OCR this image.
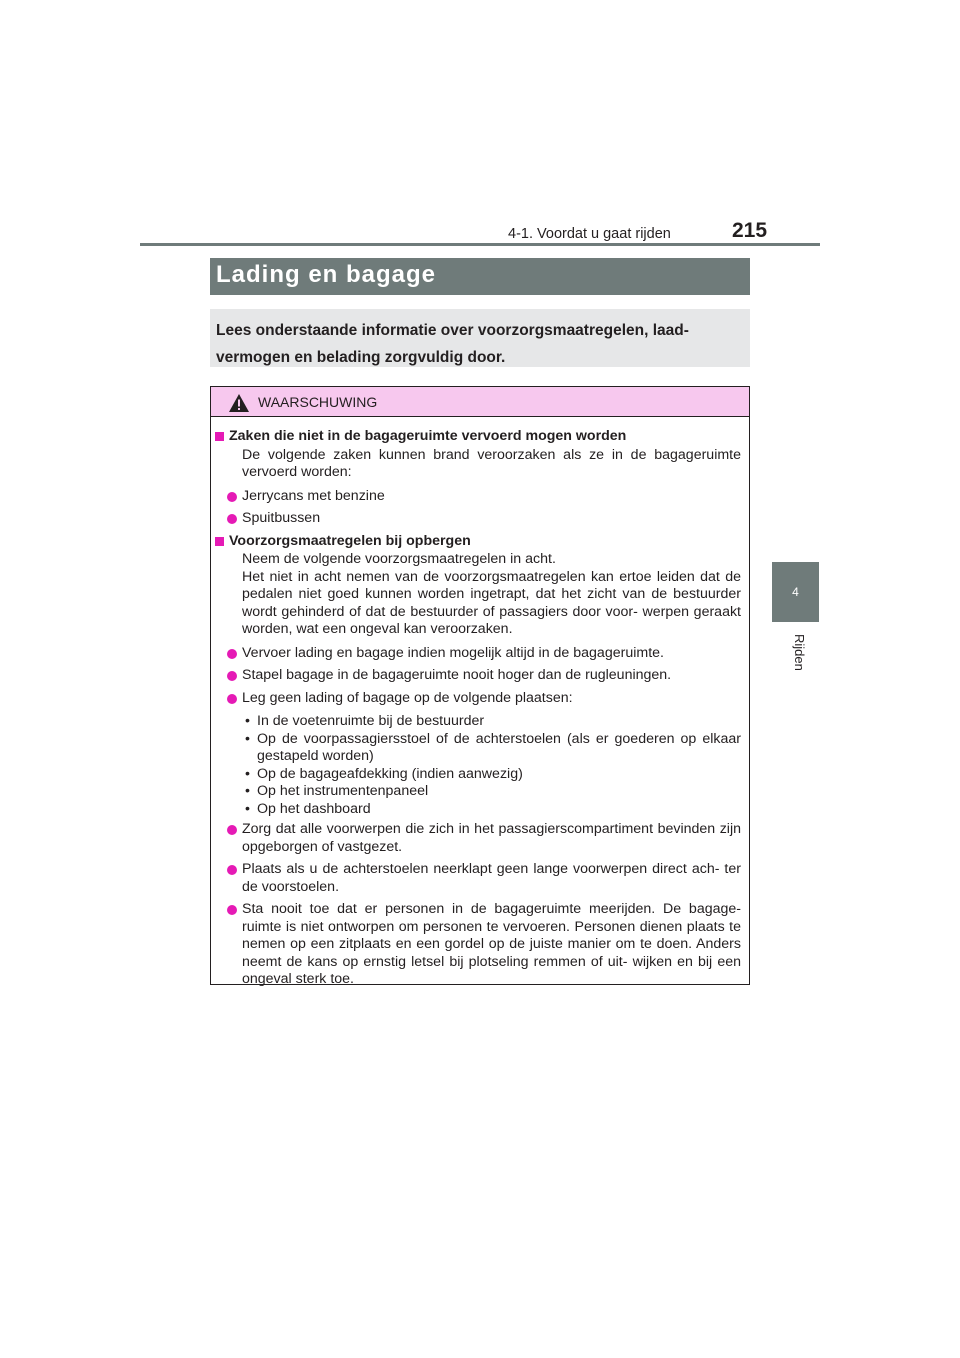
4-1. Voordat u gaat rijden	215
4
Rijden
Lading en bagage
Lees onderstaande informatie over voorzorgsmaatregelen, laad- vermogen en belading zorgvuldig door.
WAARSCHUWING
Zaken die niet in de bagageruimte vervoerd mogen worden
De volgende zaken kunnen brand veroorzaken als ze in de bagageruimte vervoerd worden:
Jerrycans met benzine
Spuitbussen
Voorzorgsmaatregelen bij opbergen
Neem de volgende voorzorgsmaatregelen in acht.
Het niet in acht nemen van de voorzorgsmaatregelen kan ertoe leiden dat de pedalen niet goed kunnen worden ingetrapt, dat het zicht van de bestuurder wordt gehinderd of dat de bestuurder of passagiers door voor- werpen geraakt worden, wat een ongeval kan veroorzaken.
Vervoer lading en bagage indien mogelijk altijd in de bagageruimte.
Stapel bagage in de bagageruimte nooit hoger dan de rugleuningen.
Leg geen lading of bagage op de volgende plaatsen:
• In de voetenruimte bij de bestuurder
• Op de voorpassagiersstoel of de achterstoelen (als er goederen op elkaar gestapeld worden)
• Op de bagageafdekking (indien aanwezig)
• Op het instrumentenpaneel
• Op het dashboard
Zorg dat alle voorwerpen die zich in het passagierscompartiment bevinden zijn opgeborgen of vastgezet.
Plaats als u de achterstoelen neerklapt geen lange voorwerpen direct ach- ter de voorstoelen.
Sta nooit toe dat er personen in de bagageruimte meerijden. De bagage- ruimte is niet ontworpen om personen te vervoeren. Personen dienen plaats te nemen op een zitplaats en een gordel op de juiste manier om te doen. Anders neemt de kans op ernstig letsel bij plotseling remmen of uit- wijken en bij een ongeval sterk toe.
